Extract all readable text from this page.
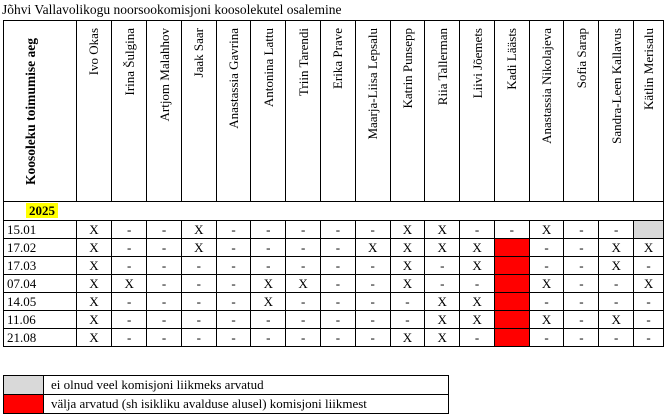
Jõhvi Vallavolikogu noorsookomisjoni koosolekutel osalemine
Koosoleku toimumise aeg	Ivo Okas	Irina Šulgina	Artjom Malahhov	Jaak Saar	Anastassia Gavrina	Antonina Lattu	Triin Tarendi	Erika Prave	Maarja-Liisa Lepsalu	Katrin Punsepp	Riia Tallerman	Liivi Jõemets	Kadi Läästs	Anastassia Nikolajeva	Sofia Sarap	Sandra-Leen Kallavus	Kätlin Merisalu

2025																	
15.01	X	-	-	X	-	-	-	-	-	X	X	-	-	X	-	-	
17.02	X	-	-	X	-	-	-	-	X	X	X	X		-	-	X	X
17.03	X	-	-	-	-	-	-	-	-	X	-	X		-	-	X	-
07.04	X	X	-	-	-	X	X	-	-	X	-	-		X	-	-	X
14.05	X	-	-	-	-	X	-	-	-	-	X	X		-	-	-	-
11.06	X	-	-	-	-	-	-	-	-	-	X	X		X	-	X	-
21.08	X	-	-	-	-	-	-	-	-	X	X	-		-	-	-	-
	ei olnud veel komisjoni liikmeks arvatud
	välja arvatud (sh isikliku avalduse alusel) komisjoni liikmest
